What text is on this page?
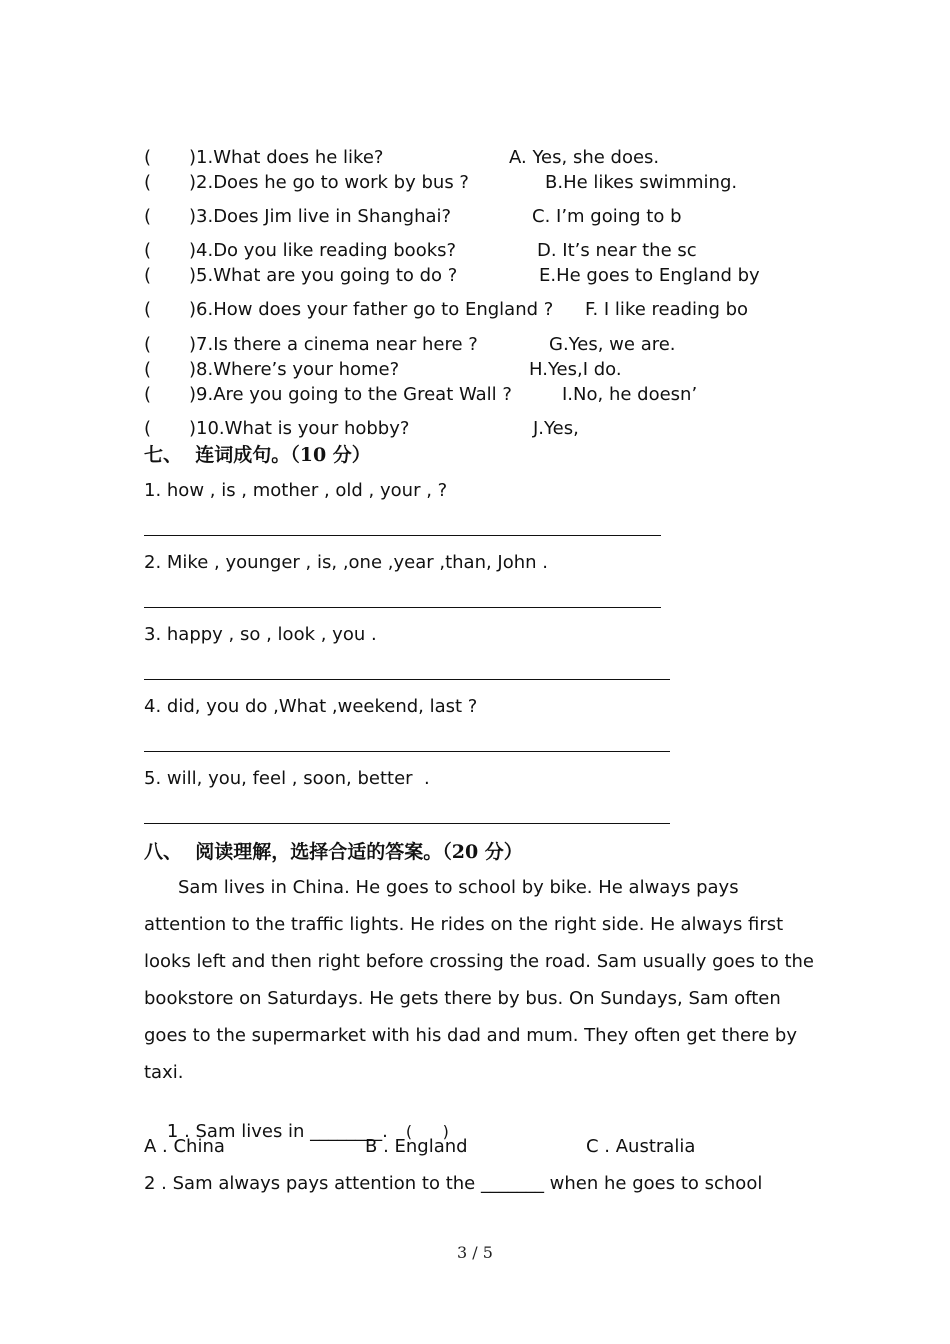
( )1.What does he like?	A. Yes, she does.
( )2.Does he go to work by bus ?	B.He likes swimming.
( )3.Does Jim live in Shanghai?	C. I’m going to b
( )4.Do you like reading books?	D. It’s near the sc
( )5.What are you going to do ?	E.He goes to England by
( )6.How does your father go to England ? F. I like reading bo
( )7.Is there a cinema near here ?	G.Yes, we are.
( )8.Where’s your home?	H.Yes,I do.
( )9.Are you going to the Great Wall ?	I.No, he doesn’
( )10.What is your hobby?	J.Yes,
七、  连词成句。（10 分）
1. how , is , mother , old , your , ?
2. Mike , younger , is, ,one ,year ,than, John .
3. happy , so , look , you .
4. did, you do ,What ,weekend, last ?
5. will, you, feel , soon, better  .
八、  阅读理解，选择合适的答案。（20 分）

Sam lives in China. He goes to school by bike. He always pays attention to the traffic lights. He rides on the right side. He always first looks left and then right before crossing the road. Sam usually goes to the bookstore on Saturdays. He gets there by bus. On Sundays, Sam often goes to the supermarket with his dad and mum. They often get there by taxi.

1 . Sam lives in ________. (      )

A . China

	B . England

	C . Australia

2 . Sam always pays attention to the _______ when he goes to school
3 / 5
